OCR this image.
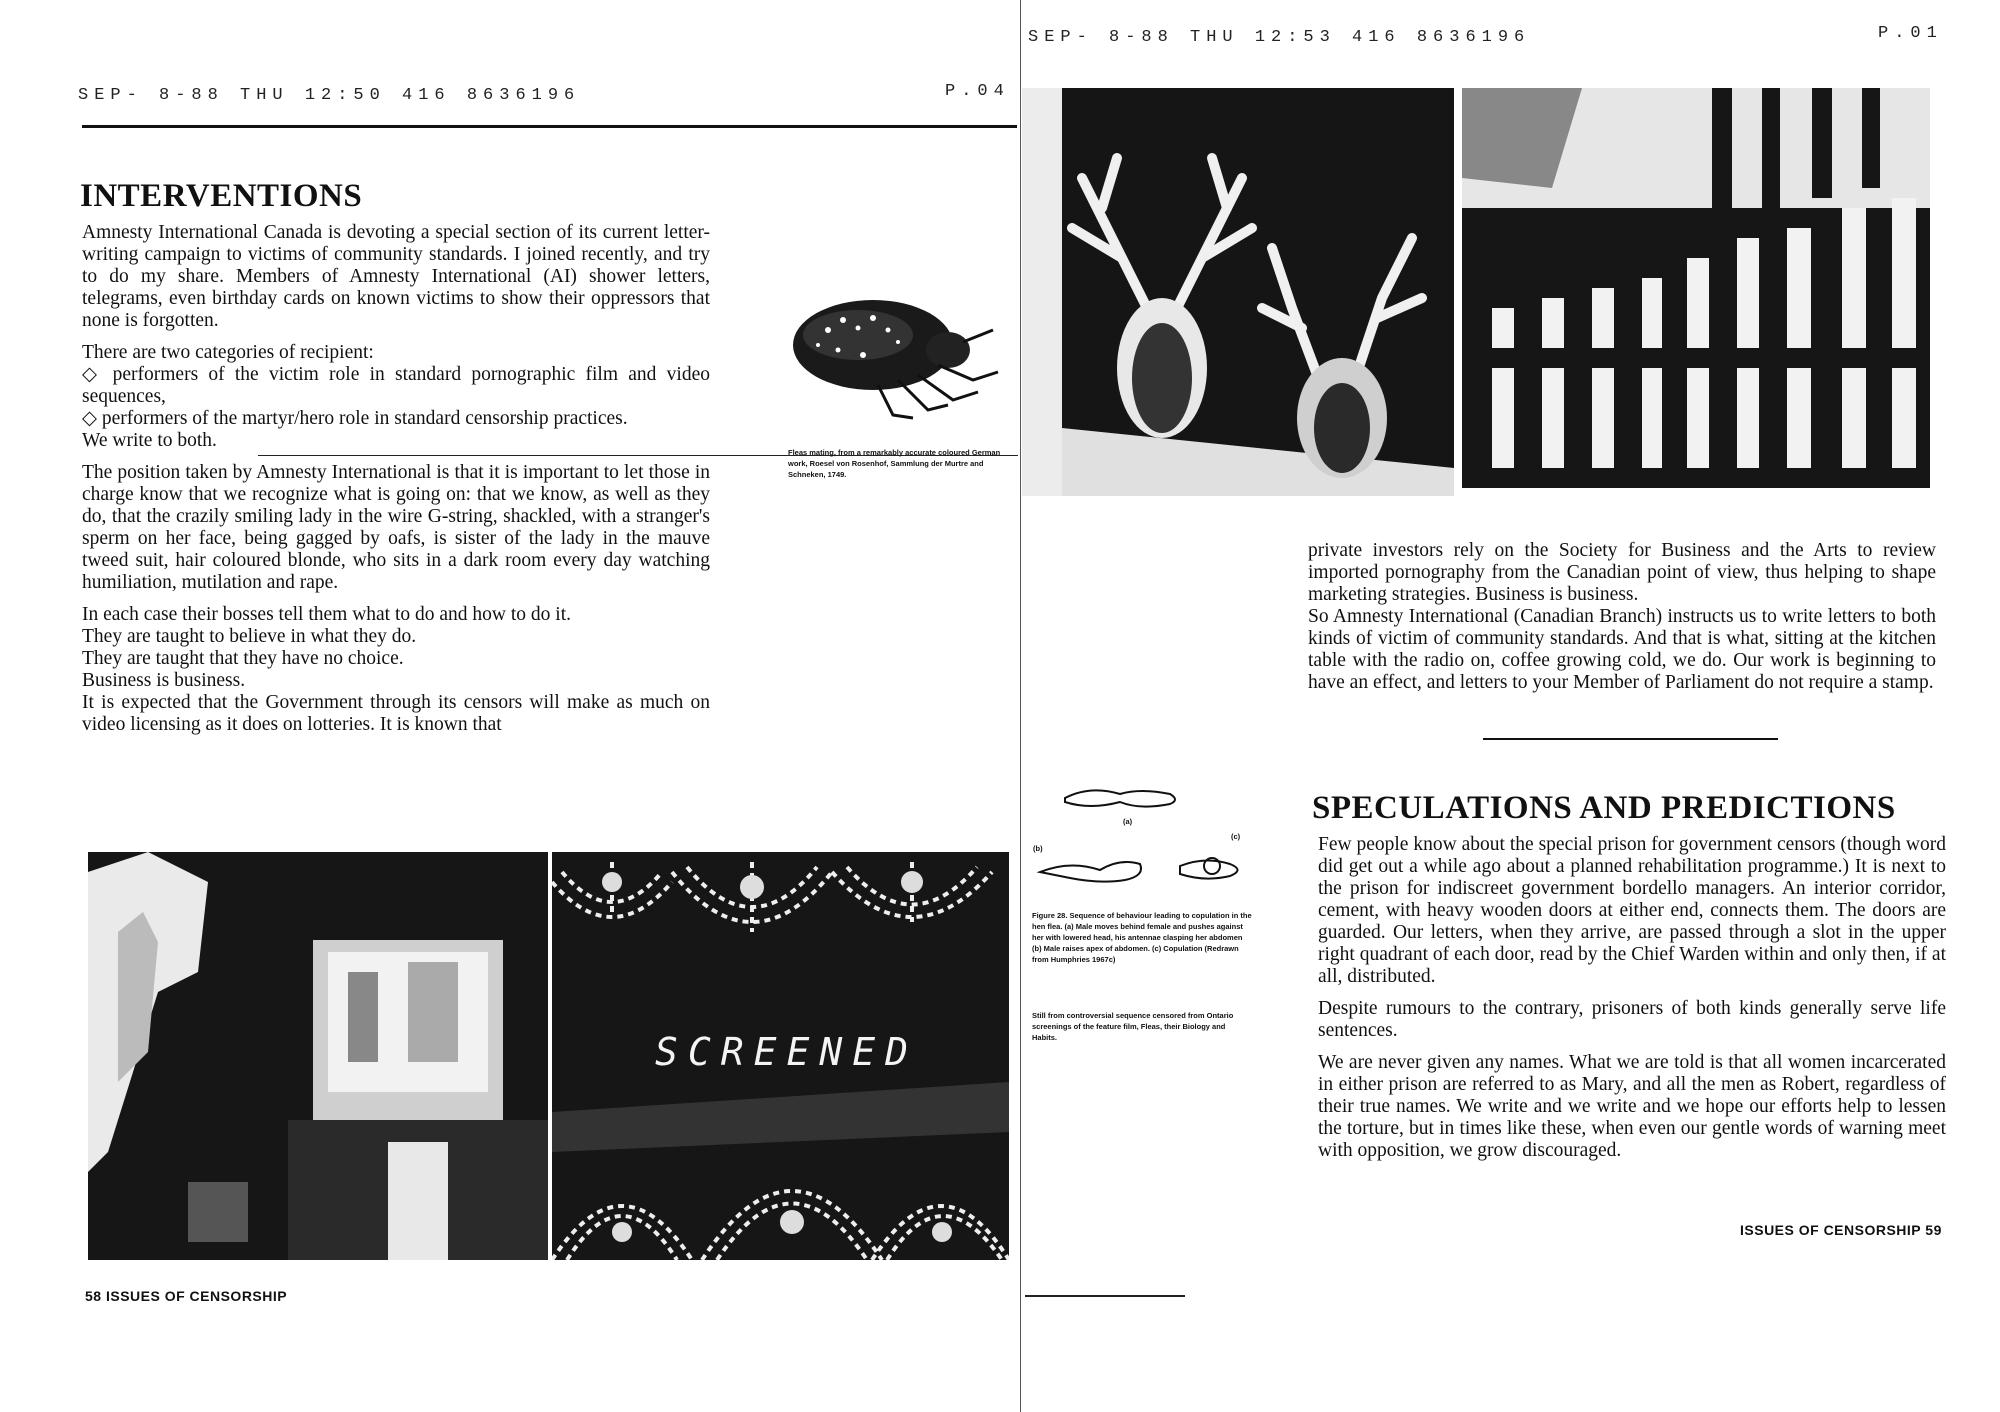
SEP- 8-88 THU 12:50 416 8636196	P.04
INTERVENTIONS

Amnesty International Canada is devoting a special section of its current letter-writing campaign to victims of community standards. I joined recently, and try to do my share. Members of Amnesty International (AI) shower letters, telegrams, even birthday cards on known victims to show their oppressors that none is forgotten.

There are two categories of recipient:

◇ performers of the victim role in standard pornographic film and video sequences,

◇ performers of the martyr/hero role in standard censorship practices.

We write to both.

The position taken by Amnesty International is that it is important to let those in charge know that we recognize what is going on: that we know, as well as they do, that the crazily smiling lady in the wire G-string, shackled, with a stranger's sperm on her face, being gagged by oafs, is sister of the lady in the mauve tweed suit, hair coloured blonde, who sits in a dark room every day watching humiliation, mutilation and rape.

In each case their bosses tell them what to do and how to do it.

They are taught to believe in what they do.

They are taught that they have no choice.

Business is business.

It is expected that the Government through its censors will make as much on video licensing as it does on lotteries. It is known that

Fleas mating, from a remarkably accurate coloured German work, Roesel von Rosenhof, Sammlung der Murtre and Schneken, 1749.
SCREENED
58 ISSUES OF CENSORSHIP
SEP- 8-88 THU 12:53 416 8636196	P.01

private investors rely on the Society for Business and the Arts to review imported pornography from the Canadian point of view, thus helping to shape marketing strategies. Business is business.

So Amnesty International (Canadian Branch) instructs us to write letters to both kinds of victim of community standards. And that is what, sitting at the kitchen table with the radio on, coffee growing cold, we do. Our work is beginning to have an effect, and letters to your Member of Parliament do not require a stamp.

SPECULATIONS AND PREDICTIONS

Few people know about the special prison for government censors (though word did get out a while ago about a planned rehabilitation programme.) It is next to the prison for indiscreet government bordello managers. An interior corridor, cement, with heavy wooden doors at either end, connects them. The doors are guarded. Our letters, when they arrive, are passed through a slot in the upper right quadrant of each door, read by the Chief Warden within and only then, if at all, distributed.

Despite rumours to the contrary, prisoners of both kinds generally serve life sentences.

We are never given any names. What we are told is that all women incarcerated in either prison are referred to as Mary, and all the men as Robert, regardless of their true names. We write and we write and we hope our efforts help to lessen the torture, but in times like these, when even our gentle words of warning meet with opposition, we grow discouraged.

(a)
(b)
(c)
Figure 28. Sequence of behaviour leading to copulation in the hen flea. (a) Male moves behind female and pushes against her with lowered head, his antennae clasping her abdomen (b) Male raises apex of abdomen. (c) Copulation (Redrawn from Humphries 1967c)
Still from controversial sequence censored from Ontario screenings of the feature film, Fleas, their Biology and Habits.
ISSUES OF CENSORSHIP 59
